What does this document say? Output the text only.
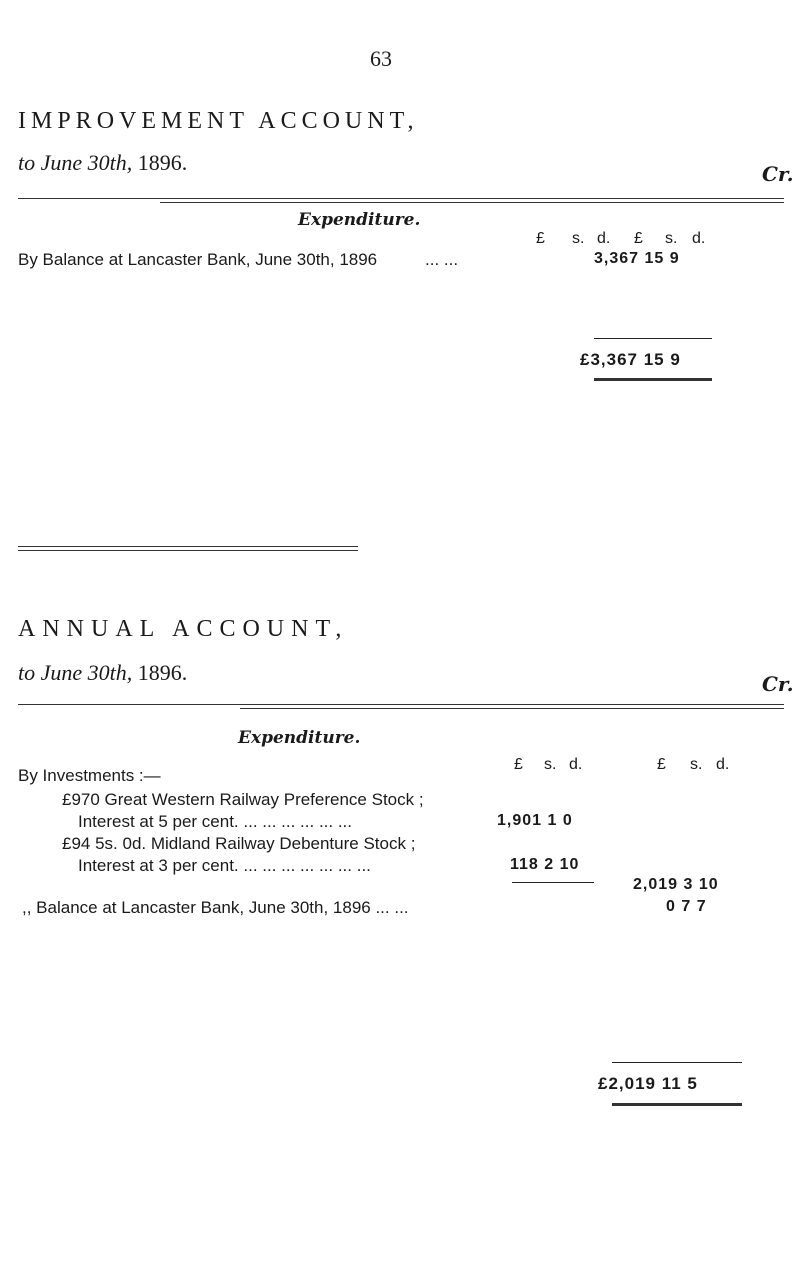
63
IMPROVEMENT ACCOUNT,
to June 30th, 1896.	Cr.
Expenditure.
£ s. d. £ s. d.
By Balance at Lancaster Bank, June 30th, 1896	... ...	3,367 15 9
£3,367 15 9
ANNUAL ACCOUNT,
to June 30th, 1896.	Cr.
Expenditure.
£ s. d.	£ s. d.
By Investments :—
£970 Great Western Railway Preference Stock ;
Interest at 5 per cent. ... ... ... ... ... ...	1,901 1 0
£94 5s. 0d. Midland Railway Debenture Stock ;
Interest at 3 per cent. ... ... ... ... ... ... ...	118 2 10
2,019 3 10
,, Balance at Lancaster Bank, June 30th, 1896 ... ...	0 7 7
£2,019 11 5
